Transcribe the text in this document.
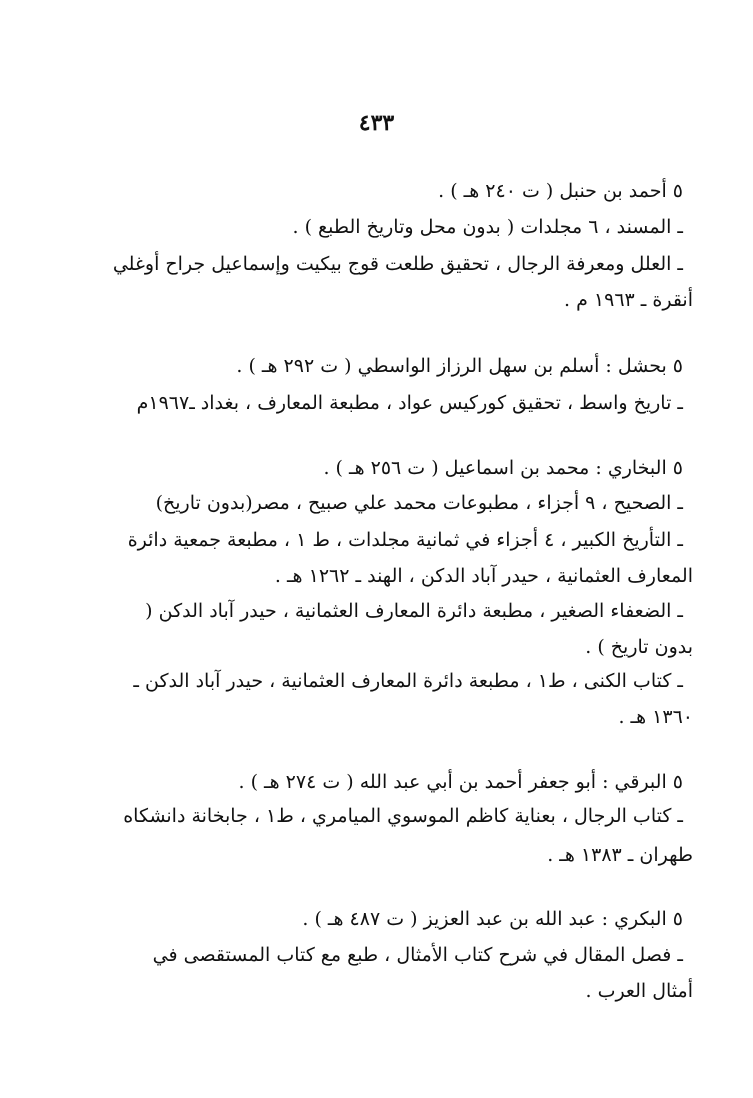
٤٣٣
٥ أحمد بن حنبل ( ت ٢٤٠ هـ ) .
ـ المسند ، ٦ مجلدات ( بدون محل وتاريخ الطبع ) .
ـ العلل ومعرفة الرجال ، تحقيق طلعت قوج بيكيت وإسماعيل جراح أوغلي
أنقرة ـ ١٩٦٣ م .
٥ بحشل : أسلم بن سهل الرزاز الواسطي ( ت ٢٩٢ هـ ) .
ـ تاريخ واسط ، تحقيق كوركيس عواد ، مطبعة المعارف ، بغداد ـ١٩٦٧م
٥ البخاري : محمد بن اسماعيل ( ت ٢٥٦ هـ ) .
ـ الصحيح ، ٩ أجزاء ، مطبوعات محمد علي صبيح ، مصر(بدون تاريخ)
ـ التأريخ الكبير ، ٤ أجزاء في ثمانية مجلدات ، ط ١ ، مطبعة جمعية دائرة
المعارف العثمانية ، حيدر آباد الدكن ، الهند ـ ١٢٦٢ هـ .
ـ الضعفاء الصغير ، مطبعة دائرة المعارف العثمانية ، حيدر آباد الدكن (
بدون تاريخ ) .
ـ كتاب الكنى ، ط١ ، مطبعة دائرة المعارف العثمانية ، حيدر آباد الدكن ـ
١٣٦٠ هـ .
٥ البرقي : أبو جعفر أحمد بن أبي عبد الله ( ت ٢٧٤ هـ ) .
ـ كتاب الرجال ، بعناية كاظم الموسوي الميامري ، ط١ ، جابخانة دانشكاه
طهران ـ ١٣٨٣ هـ .
٥ البكري : عبد الله بن عبد العزيز ( ت ٤٨٧ هـ ) .
ـ فصل المقال في شرح كتاب الأمثال ، طبع مع كتاب المستقصى في
أمثال العرب .
